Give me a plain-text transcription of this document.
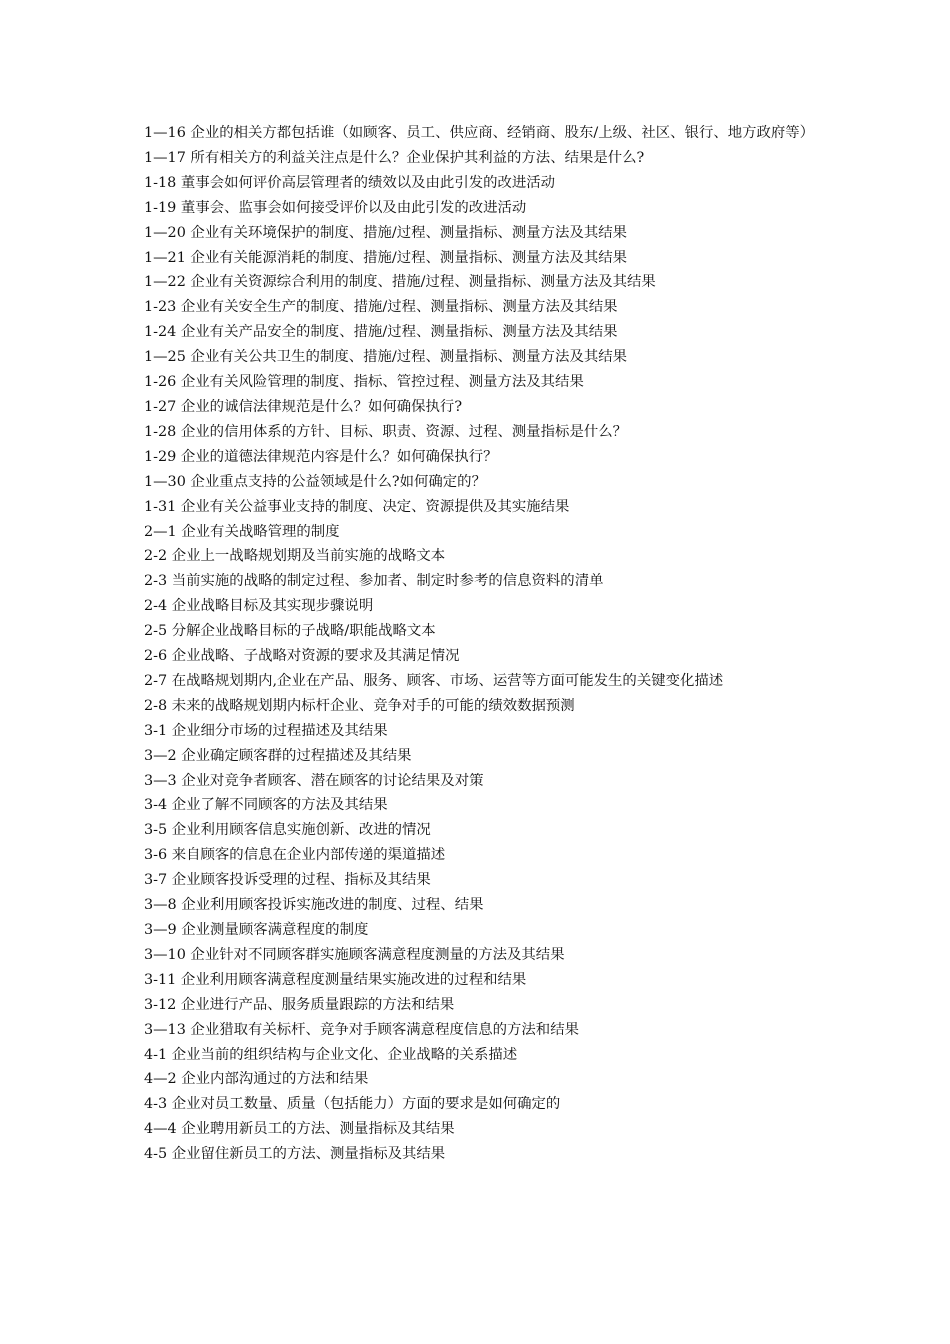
1—16 企业的相关方都包括谁（如顾客、员工、供应商、经销商、股东/上级、社区、银行、地方政府等）

1—17 所有相关方的利益关注点是什么？企业保护其利益的方法、结果是什么?

1-18 董事会如何评价高层管理者的绩效以及由此引发的改进活动

1-19 董事会、监事会如何接受评价以及由此引发的改进活动

1—20 企业有关环境保护的制度、措施/过程、测量指标、测量方法及其结果

1—21 企业有关能源消耗的制度、措施/过程、测量指标、测量方法及其结果

1—22 企业有关资源综合利用的制度、措施/过程、测量指标、测量方法及其结果

1-23 企业有关安全生产的制度、措施/过程、测量指标、测量方法及其结果

1-24 企业有关产品安全的制度、措施/过程、测量指标、测量方法及其结果

1—25 企业有关公共卫生的制度、措施/过程、测量指标、测量方法及其结果

1-26 企业有关风险管理的制度、指标、管控过程、测量方法及其结果

1-27 企业的诚信法律规范是什么？如何确保执行?

1-28 企业的信用体系的方针、目标、职责、资源、过程、测量指标是什么？

1-29 企业的道德法律规范内容是什么？如何确保执行？

1—30 企业重点支持的公益领域是什么?如何确定的？

1-31 企业有关公益事业支持的制度、决定、资源提供及其实施结果

2—1 企业有关战略管理的制度

2-2 企业上一战略规划期及当前实施的战略文本

2-3 当前实施的战略的制定过程、参加者、制定时参考的信息资料的清单

2-4 企业战略目标及其实现步骤说明

2-5 分解企业战略目标的子战略/职能战略文本

2-6 企业战略、子战略对资源的要求及其满足情况

2-7 在战略规划期内,企业在产品、服务、顾客、市场、运营等方面可能发生的关键变化描述

2-8 未来的战略规划期内标杆企业、竞争对手的可能的绩效数据预测

3-1 企业细分市场的过程描述及其结果

3—2 企业确定顾客群的过程描述及其结果

3—3 企业对竞争者顾客、潜在顾客的讨论结果及对策

3-4 企业了解不同顾客的方法及其结果

3-5 企业利用顾客信息实施创新、改进的情况

3-6 来自顾客的信息在企业内部传递的渠道描述

3-7 企业顾客投诉受理的过程、指标及其结果

3—8 企业利用顾客投诉实施改进的制度、过程、结果

3—9 企业测量顾客满意程度的制度

3—10 企业针对不同顾客群实施顾客满意程度测量的方法及其结果

3-11 企业利用顾客满意程度测量结果实施改进的过程和结果

3-12 企业进行产品、服务质量跟踪的方法和结果

3—13 企业猎取有关标杆、竞争对手顾客满意程度信息的方法和结果

4-1 企业当前的组织结构与企业文化、企业战略的关系描述

4—2 企业内部沟通过的方法和结果

4-3 企业对员工数量、质量（包括能力）方面的要求是如何确定的

4—4 企业聘用新员工的方法、测量指标及其结果

4-5 企业留住新员工的方法、测量指标及其结果
